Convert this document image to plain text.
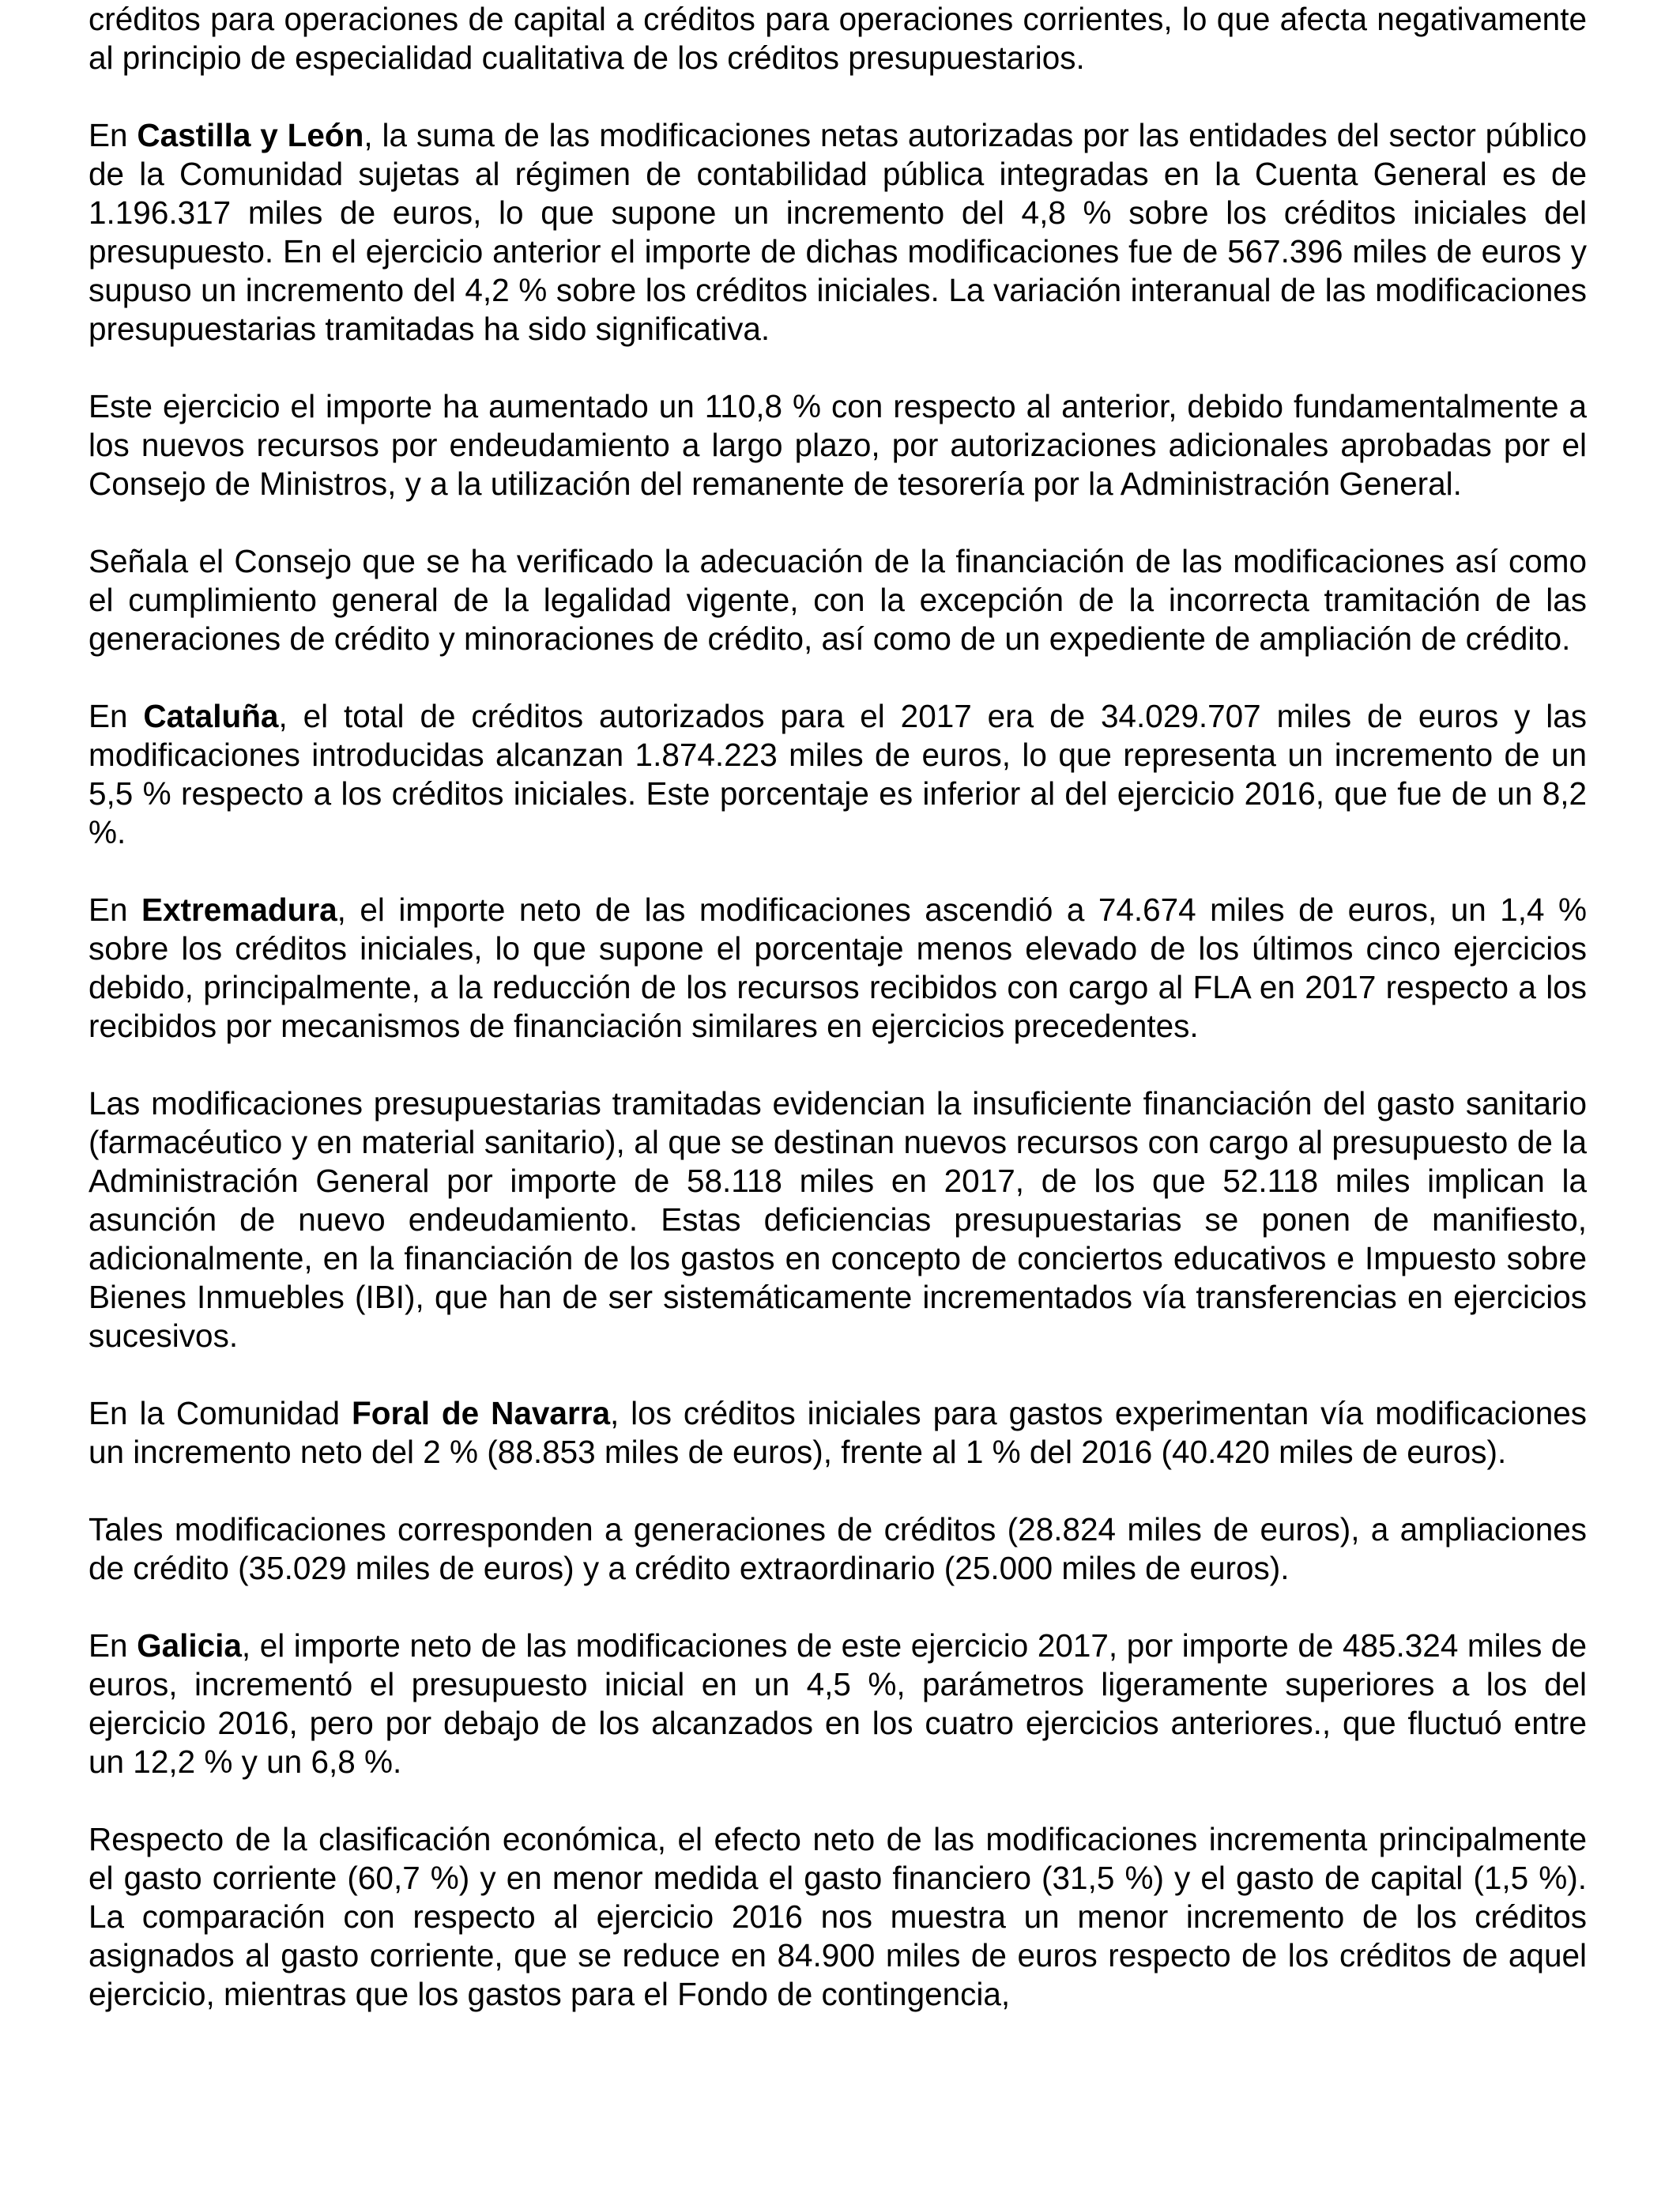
créditos para operaciones de capital a créditos para operaciones corrientes, lo que afecta negativamente al principio de especialidad cualitativa de los créditos presupuestarios.

En Castilla y León, la suma de las modificaciones netas autorizadas por las entidades del sector público de la Comunidad sujetas al régimen de contabilidad pública integradas en la Cuenta General es de 1.196.317 miles de euros, lo que supone un incremento del 4,8 % sobre los créditos iniciales del presupuesto. En el ejercicio anterior el importe de dichas modificaciones fue de 567.396 miles de euros y supuso un incremento del 4,2 % sobre los créditos iniciales. La variación interanual de las modificaciones presupuestarias tramitadas ha sido significativa.

Este ejercicio el importe ha aumentado un 110,8 % con respecto al anterior, debido fundamentalmente a los nuevos recursos por endeudamiento a largo plazo, por autorizaciones adicionales aprobadas por el Consejo de Ministros, y a la utilización del remanente de tesorería por la Administración General.

Señala el Consejo que se ha verificado la adecuación de la financiación de las modificaciones así como el cumplimiento general de la legalidad vigente, con la excepción de la incorrecta tramitación de las generaciones de crédito y minoraciones de crédito, así como de un expediente de ampliación de crédito.

En Cataluña, el total de créditos autorizados para el 2017 era de 34.029.707 miles de euros y las modificaciones introducidas alcanzan 1.874.223 miles de euros, lo que representa un incremento de un 5,5 % respecto a los créditos iniciales. Este porcentaje es inferior al del ejercicio 2016, que fue de un 8,2 %.

En Extremadura, el importe neto de las modificaciones ascendió a 74.674 miles de euros, un 1,4 % sobre los créditos iniciales, lo que supone el porcentaje menos elevado de los últimos cinco ejercicios debido, principalmente, a la reducción de los recursos recibidos con cargo al FLA en 2017 respecto a los recibidos por mecanismos de financiación similares en ejercicios precedentes.

Las modificaciones presupuestarias tramitadas evidencian la insuficiente financiación del gasto sanitario (farmacéutico y en material sanitario), al que se destinan nuevos recursos con cargo al presupuesto de la Administración General por importe de 58.118 miles en 2017, de los que 52.118 miles implican la asunción de nuevo endeudamiento. Estas deficiencias presupuestarias se ponen de manifiesto, adicionalmente, en la financiación de los gastos en concepto de conciertos educativos e Impuesto sobre Bienes Inmuebles (IBI), que han de ser sistemáticamente incrementados vía transferencias en ejercicios sucesivos.

En la Comunidad Foral de Navarra, los créditos iniciales para gastos experimentan vía modificaciones un incremento neto del 2 % (88.853 miles de euros), frente al 1 % del 2016 (40.420 miles de euros).

Tales modificaciones corresponden a generaciones de créditos (28.824 miles de euros), a ampliaciones de crédito (35.029 miles de euros) y a crédito extraordinario (25.000 miles de euros).

En Galicia, el importe neto de las modificaciones de este ejercicio 2017, por importe de 485.324 miles de euros, incrementó el presupuesto inicial en un 4,5 %, parámetros ligeramente superiores a los del ejercicio 2016, pero por debajo de los alcanzados en los cuatro ejercicios anteriores., que fluctuó entre un 12,2 % y un 6,8 %.

Respecto de la clasificación económica, el efecto neto de las modificaciones incrementa principalmente el gasto corriente (60,7 %) y en menor medida el gasto financiero (31,5 %) y el gasto de capital (1,5 %). La comparación con respecto al ejercicio 2016 nos muestra un menor incremento de los créditos asignados al gasto corriente, que se reduce en 84.900 miles de euros respecto de los créditos de aquel ejercicio, mientras que los gastos para el Fondo de contingencia,
